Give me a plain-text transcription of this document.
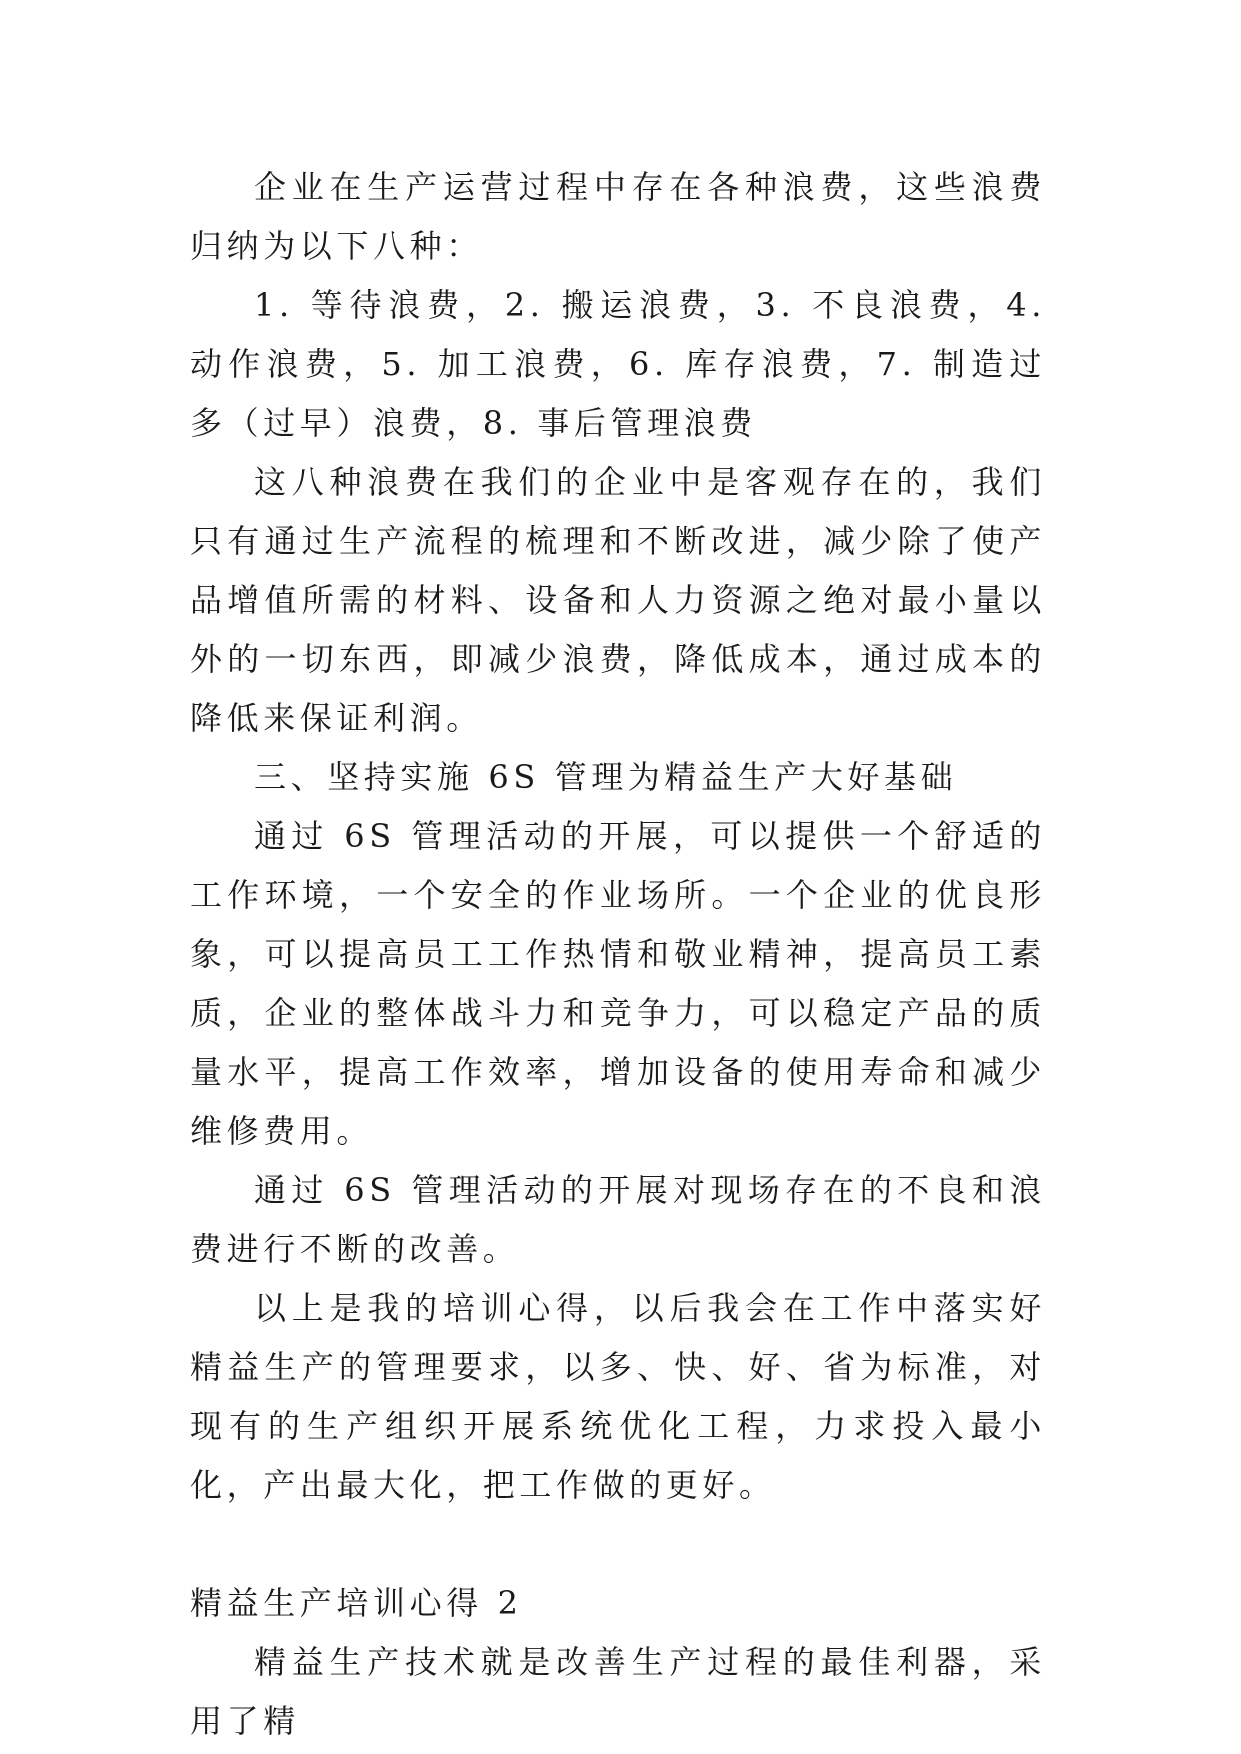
企业在生产运营过程中存在各种浪费，这些浪费归纳为以下八种：

1. 等待浪费，2. 搬运浪费，3. 不良浪费，4. 动作浪费，5. 加工浪费，6. 库存浪费，7. 制造过多（过早）浪费，8. 事后管理浪费

这八种浪费在我们的企业中是客观存在的，我们只有通过生产流程的梳理和不断改进，减少除了使产品增值所需的材料、设备和人力资源之绝对最小量以外的一切东西，即减少浪费，降低成本，通过成本的降低来保证利润。

三、坚持实施 6S 管理为精益生产大好基础

通过 6S 管理活动的开展，可以提供一个舒适的工作环境，一个安全的作业场所。一个企业的优良形象，可以提高员工工作热情和敬业精神，提高员工素质，企业的整体战斗力和竞争力，可以稳定产品的质量水平，提高工作效率，增加设备的使用寿命和减少维修费用。

通过 6S 管理活动的开展对现场存在的不良和浪费进行不断的改善。

以上是我的培训心得，以后我会在工作中落实好精益生产的管理要求，以多、快、好、省为标准，对现有的生产组织开展系统优化工程，力求投入最小化，产出最大化，把工作做的更好。

精益生产培训心得 2

精益生产技术就是改善生产过程的最佳利器，采用了精
